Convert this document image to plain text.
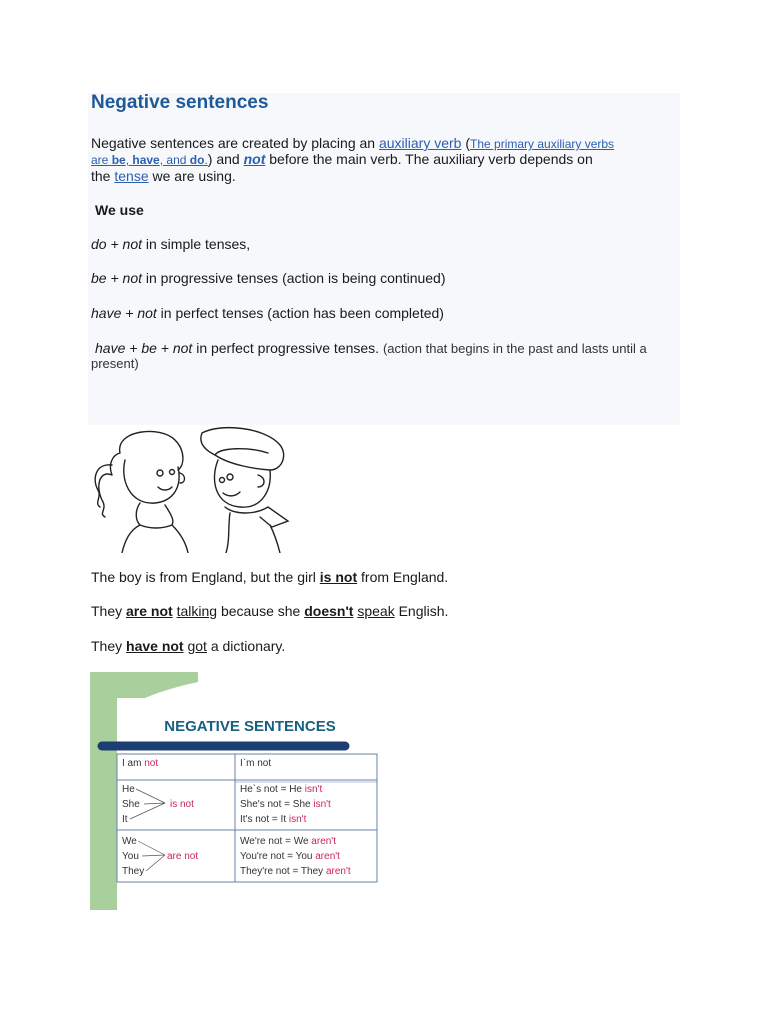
Negative sentences

Negative sentences are created by placing an auxiliary verb (The primary auxiliary verbs

are be, have, and do.) and not before the main verb. The auxiliary verb depends on

the tense we are using.

We use

do + not in simple tenses,

be + not in progressive tenses (action is being continued)

have + not in perfect tenses (action has been completed)

have + be + not in perfect progressive tenses. (action that begins in the past and lasts until a

present)

The boy is from England, but the girl is not from England.

They are not talking because she doesn't speak English.

They have not got a dictionary.

NEGATIVE SENTENCES
I am not	I`m not
He
She
It
is not
He`s not = He isn't
She's not = She isn't
It's not = It isn't
We
You
They
are not
We're not = We aren't
You're not = You aren't
They're not = They aren't
